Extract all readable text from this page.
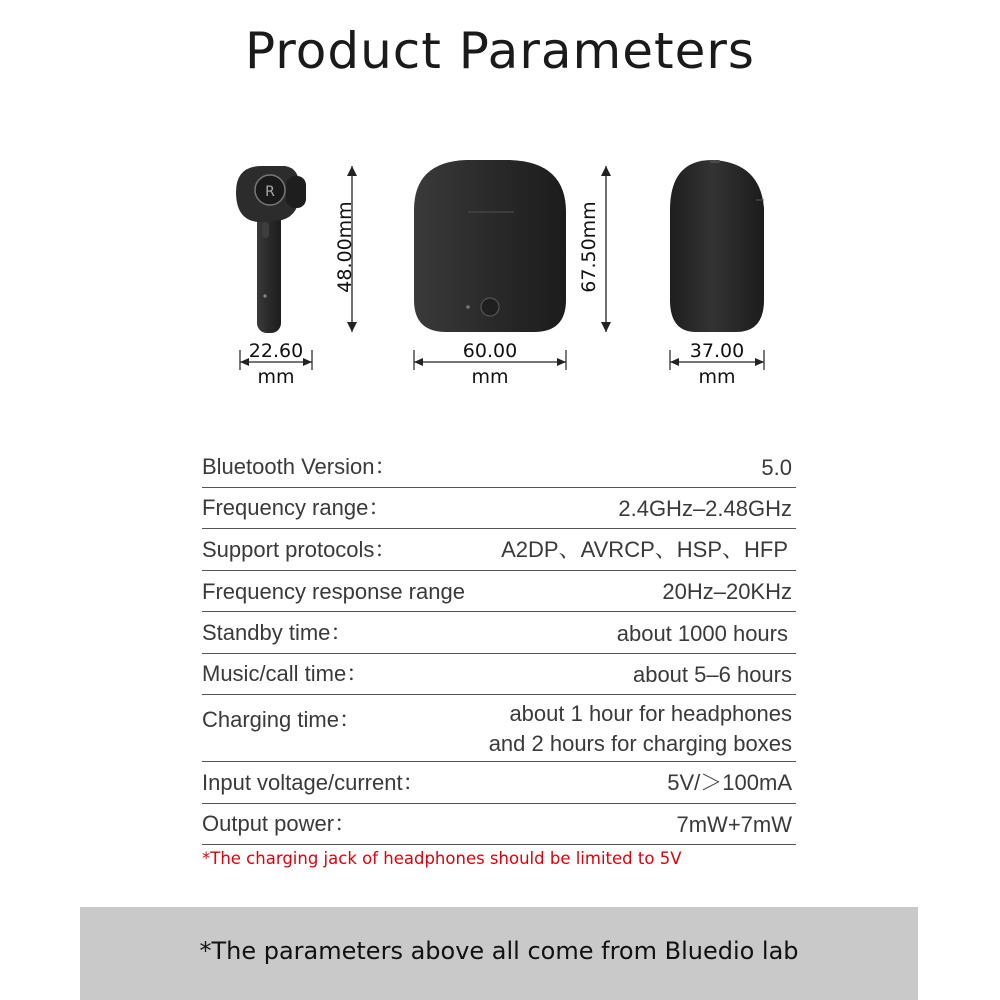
Product Parameters
R
48.00mm
22.60
mm
67.50mm
60.00
mm
37.00
mm
Bluetooth Version：	5.0
Frequency range：	2.4GHz–2.48GHz
Support protocols：	A2DP、AVRCP、HSP、HFP
Frequency response range	20Hz–20KHz
Standby time：	about 1000 hours
Music/call time：	about 5–6 hours
Charging time：	about 1 hour for headphones
and 2 hours for charging boxes
Input voltage/current：	5V/＞100mA
Output power：	7mW+7mW
*The charging jack of headphones should be limited to 5V
*The parameters above all come from Bluedio lab
